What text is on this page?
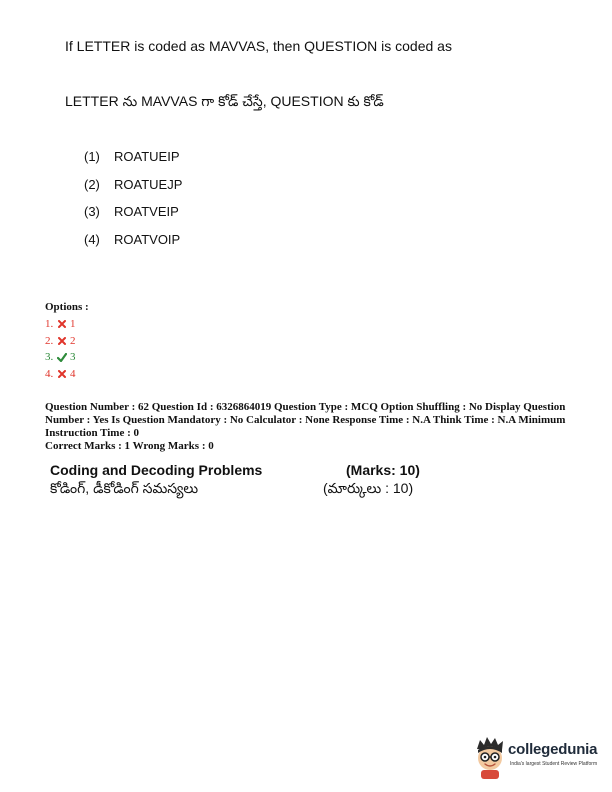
If LETTER is coded as MAVVAS, then QUESTION is coded as
LETTER ను MAVVAS గా కోడ్ చేస్తే, QUESTION కు కోడ్
(1)	ROATUEIP
(2)	ROATUEJP
(3)	ROATVEIP
(4)	ROATVOIP
Options :
1. 1
2. 2
3. 3
4. 4
Question Number : 62 Question Id : 6326864019 Question Type : MCQ Option Shuffling : No Display Question Number : Yes Is Question Mandatory : No Calculator : None Response Time : N.A Think Time : N.A Minimum Instruction Time : 0
Correct Marks : 1 Wrong Marks : 0
Coding and Decoding Problems	(Marks: 10)
కోడింగ్, డీకోడింగ్ సమస్యలు	(మార్కులు : 10)
collegedunia
India's largest Student Review Platform
